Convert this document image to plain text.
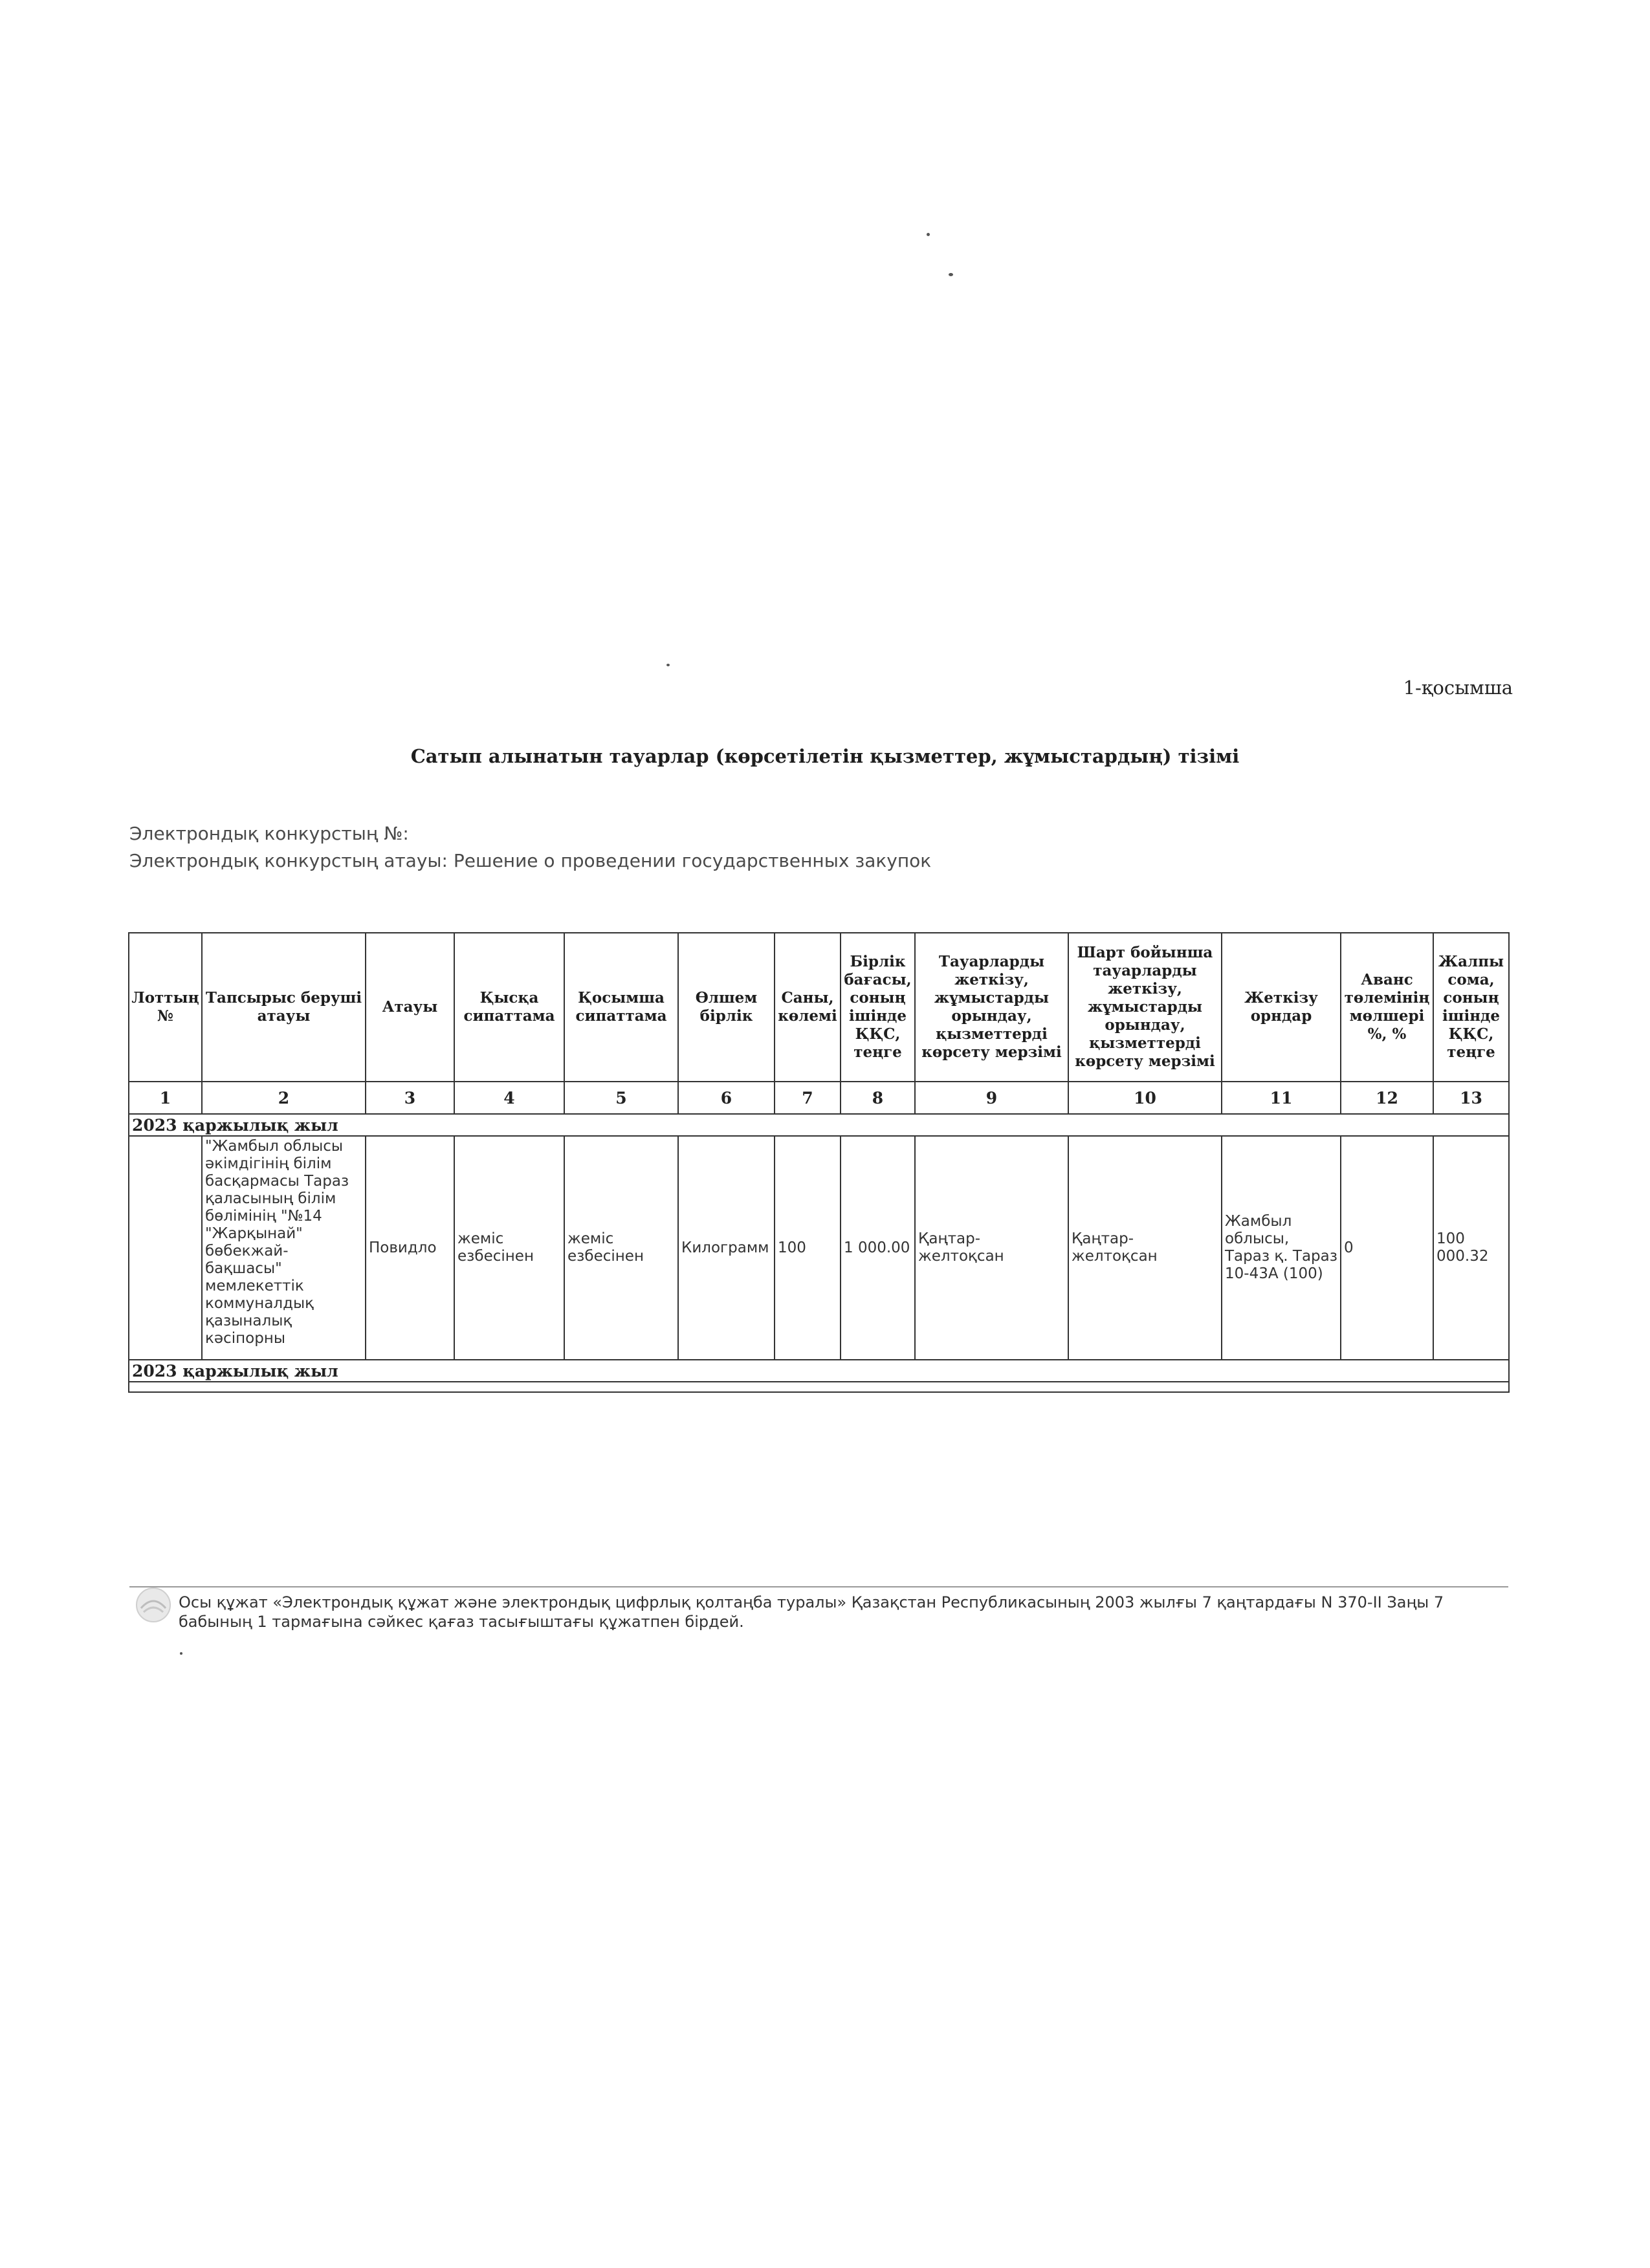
1-қосымша
Сатып алынатын тауарлар (көрсетілетін қызметтер, жұмыстардың) тізімі
Электрондық конкурстың №:
Электрондық конкурстың атауы: Решение о проведении государственных закупок
Лоттың №	Тапсырыс беруші атауы	Атауы	Қысқа сипаттама	Қосымша сипаттама	Өлшем бірлік	Саны, көлемі	Бірлік бағасы, соның ішінде ҚҚС, теңге	Тауарларды жеткізу, жұмыстарды орындау, қызметтерді көрсету мерзімі	Шарт бойынша тауарларды жеткізу, жұмыстарды орындау, қызметтерді көрсету мерзімі	Жеткізу орндар	Аванс төлемінің мөлшері %, %	Жалпы сома, соның ішінде ҚҚС, теңге
1	2	3	4	5	6	7	8	9	10	11	12	13
2023 қаржылық жыл												
	"Жамбыл облысы әкімдігінің білім басқармасы Тараз қаласының білім бөлімінің "№14 "Жарқынай" бөбекжай-бақшасы" мемлекеттік коммуналдық қазыналық кәсіпорны	Повидло	жеміс езбесінен	жеміс езбесінен	Килограмм	100	1 000.00	Қаңтар-желтоқсан	Қаңтар-желтоқсан	Жамбыл облысы, Тараз қ. Тараз 10-43А (100)	0	100 000.32
2023 қаржылық жыл												

Осы құжат «Электрондық құжат және электрондық цифрлық қолтаңба туралы» Қазақстан Республикасының 2003 жылғы 7 қаңтардағы N 370-II Заңы 7 бабының 1 тармағына сәйкес қағаз тасығыштағы құжатпен бірдей.
